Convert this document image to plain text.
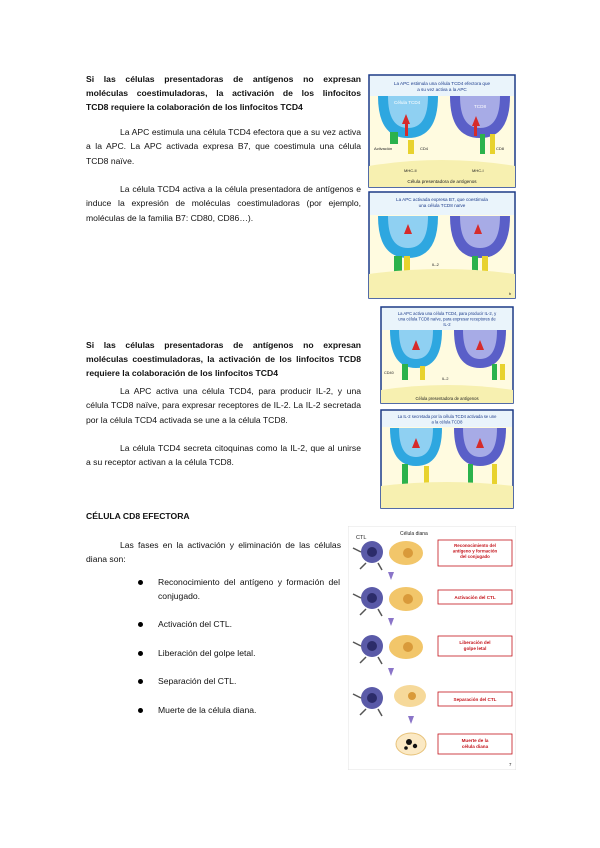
Si las células presentadoras de antígenos no expresan
moléculas coestimuladoras, la activación de los linfocitos
TCD8 requiere la colaboración de los linfocitos TCD4
La APC estimula una célula TCD4 efectora que a su vez activa a la APC. La APC activada expresa B7, que coestimula una célula TCD8 naïve.
La célula TCD4 activa a la célula presentadora de antígenos e induce la expresión de moléculas coestimuladoras (por ejemplo, moléculas de la familia B7: CD80, CD86…).
La APC estimula una célula TCD4 efectora que a su vez activa a la APC
Célula TCD4
TCD8
Activación	CD4	CD8
MHC-II	MHC-I
Célula presentadora de antígenos
La APC activada expresa B7, que coestimula una célula TCD8 naïve
IL-2
b
Si las células presentadoras de antígenos no expresan
moléculas coestimuladoras, la activación de los linfocitos TCD8
requiere la colaboración de los linfocitos TCD4
La APC activa una célula TCD4, para producir IL-2, y una célula TCD8 naïve, para expresar receptores de IL-2. La IL-2 secretada por la célula TCD4 activada se une a la célula TCD8.
La célula TCD4 secreta citoquinas como la IL-2, que al unirse a su receptor activan a la célula TCD8.
La APC activa una célula TCD4, para producir IL-2, y una célula TCD8 naïve, para expresar receptores de IL-2
CD40
IL-2
Célula presentadora de antígenos
La IL-2 secretada por la célula TCD4 activada se une a la célula TCD8
CÉLULA CD8 EFECTORA
Las fases en la activación y eliminación de las células diana son:
Reconocimiento del antígeno y formación del conjugado.
Activación del CTL.
Liberación del golpe letal.
Separación del CTL.
Muerte de la célula diana.
CTL
Célula diana
Reconocimiento del antígeno y formación del conjugado
Activación del CTL
Liberación del golpe letal
Separación del CTL
Muerte de la célula diana
7
